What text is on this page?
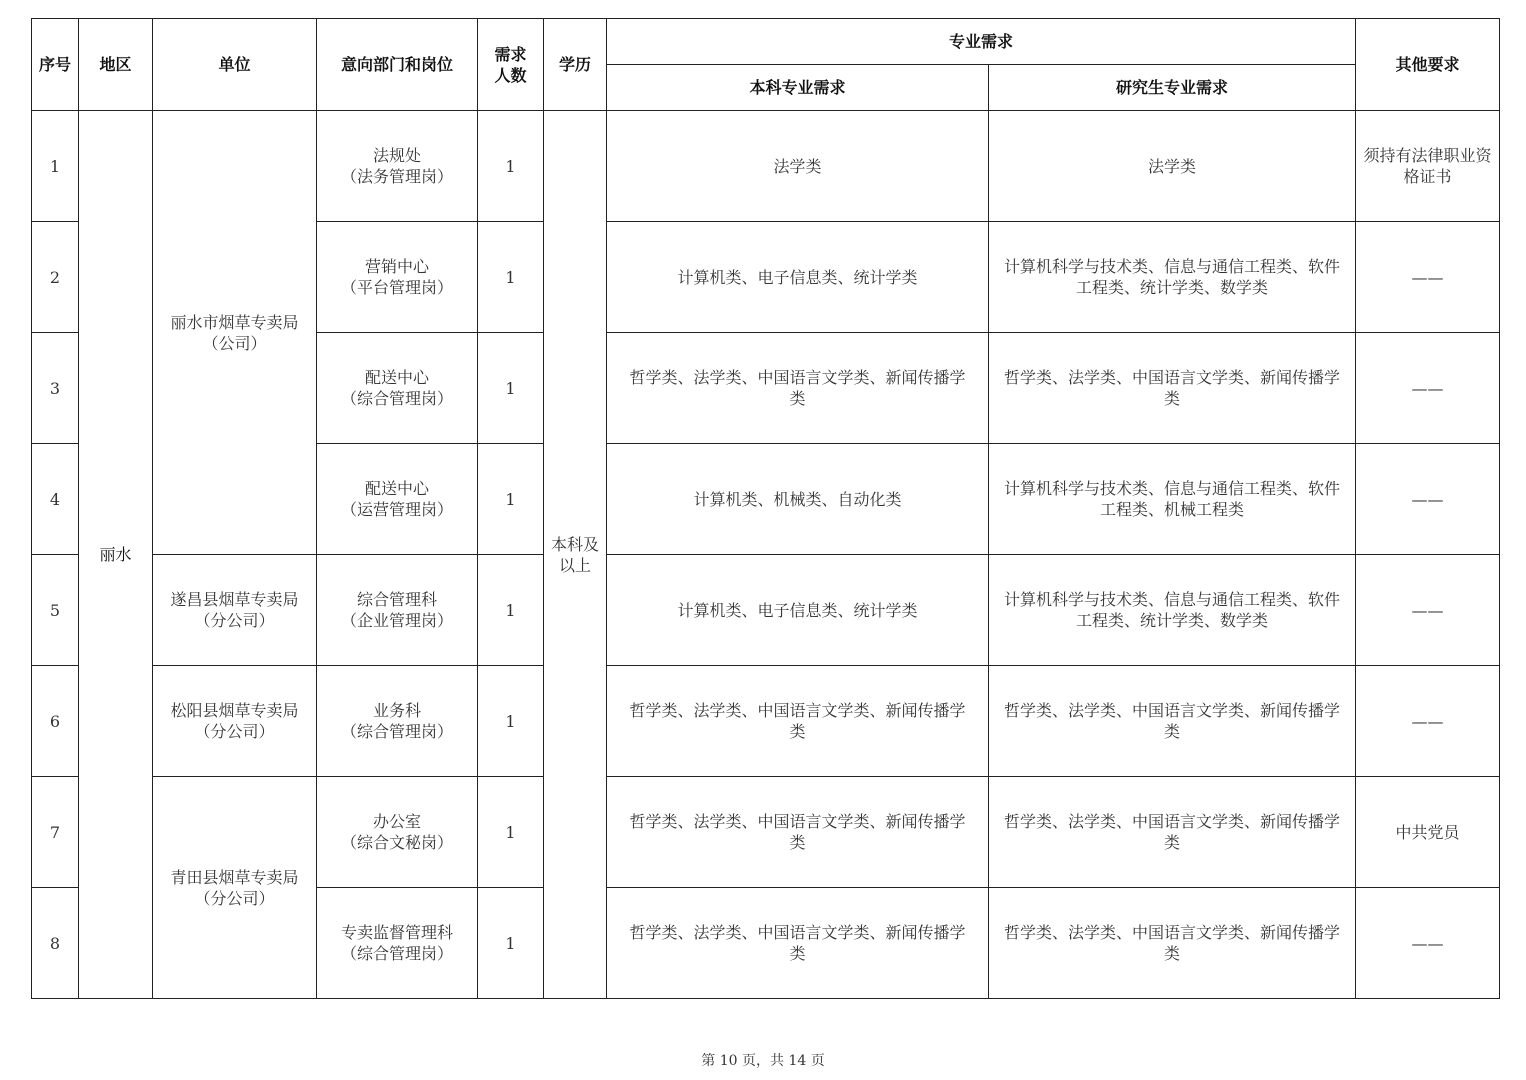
序号	地区	单位	意向部门和岗位	需求
人数	学历	专业需求		其他要求
						本科专业需求	研究生专业需求	
1	丽水	丽水市烟草专卖局
（公司）	法规处
（法务管理岗）	1	本科及
以上	法学类	法学类	须持有法律职业资
格证书

2			营销中心
（平台管理岗）	1		计算机类、电子信息类、统计学类	计算机科学与技术类、信息与通信工程类、软件
工程类、统计学类、数学类	——

3			配送中心
（综合管理岗）	1		哲学类、法学类、中国语言文学类、新闻传播学
类	哲学类、法学类、中国语言文学类、新闻传播学
类	——

4			配送中心
（运营管理岗）	1		计算机类、机械类、自动化类	计算机科学与技术类、信息与通信工程类、软件
工程类、机械工程类	——

5		遂昌县烟草专卖局
（分公司）	综合管理科
（企业管理岗）	1		计算机类、电子信息类、统计学类	计算机科学与技术类、信息与通信工程类、软件
工程类、统计学类、数学类	——

6		松阳县烟草专卖局
（分公司）	业务科
（综合管理岗）	1		哲学类、法学类、中国语言文学类、新闻传播学
类	哲学类、法学类、中国语言文学类、新闻传播学
类	——

7		青田县烟草专卖局
（分公司）	办公室
（综合文秘岗）	1		哲学类、法学类、中国语言文学类、新闻传播学
类	哲学类、法学类、中国语言文学类、新闻传播学
类	中共党员

8			专卖监督管理科
（综合管理岗）	1		哲学类、法学类、中国语言文学类、新闻传播学
类	哲学类、法学类、中国语言文学类、新闻传播学
类	——
第 10 页，共 14 页
